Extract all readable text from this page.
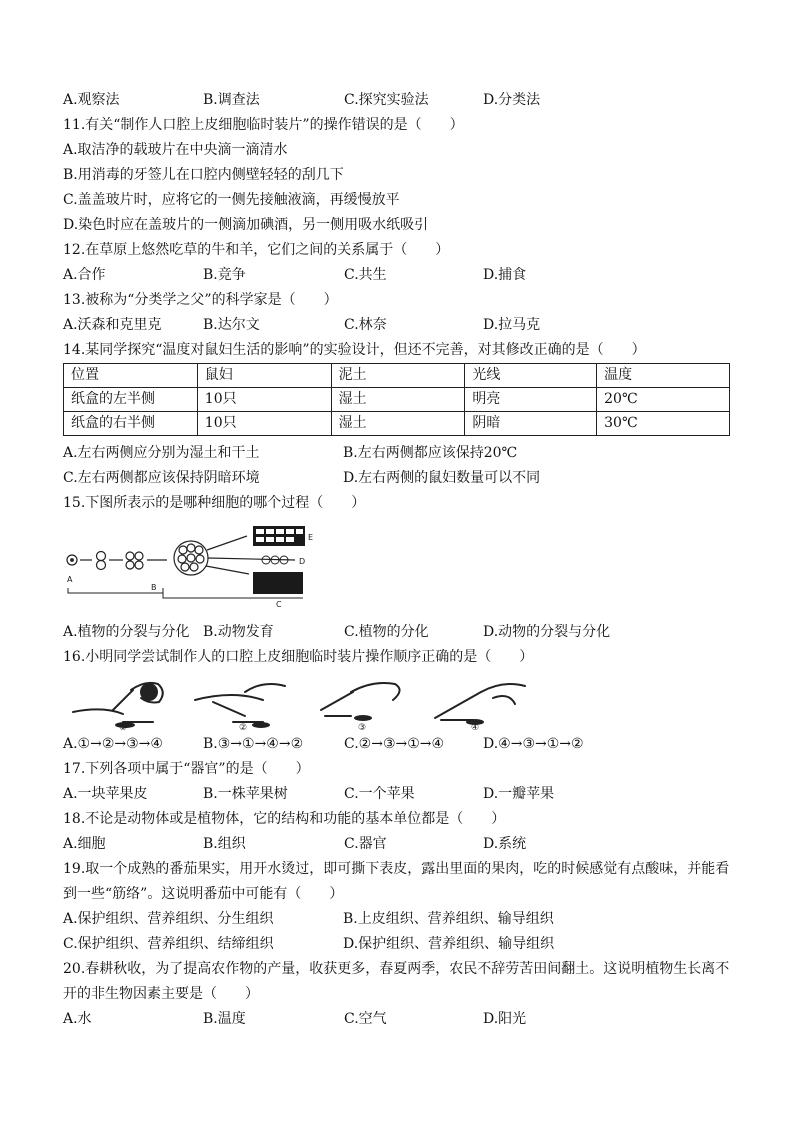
A.观察法	B.调查法	C.探究实验法	D.分类法
11.有关“制作人口腔上皮细胞临时装片”的操作错误的是（　　）
A.取洁净的载玻片在中央滴一滴清水
B.用消毒的牙签儿在口腔内侧壁轻轻的刮几下
C.盖盖玻片时，应将它的一侧先接触液滴，再缓慢放平
D.染色时应在盖玻片的一侧滴加碘酒，另一侧用吸水纸吸引
12.在草原上悠然吃草的牛和羊，它们之间的关系属于（　　）
A.合作	B.竞争	C.共生	D.捕食
13.被称为“分类学之父”的科学家是（　　）
A.沃森和克里克	B.达尔文	C.林奈	D.拉马克
14.某同学探究“温度对鼠妇生活的影响”的实验设计，但还不完善，对其修改正确的是（　　）
位置	鼠妇	泥土	光线	温度
纸盒的左半侧	10只	湿土	明亮	20℃
纸盒的右半侧	10只	湿土	阴暗	30℃
A.左右两侧应分别为湿土和干土	B.左右两侧都应该保持20℃
C.左右两侧都应该保持阴暗环境	D.左右两侧的鼠妇数量可以不同
15.下图所表示的是哪种细胞的哪个过程（　　）
A
B
C
D
E
A.植物的分裂与分化 B.动物发育	C.植物的分化	D.动物的分裂与分化
16.小明同学尝试制作人的口腔上皮细胞临时装片操作顺序正确的是（　　）
①	②	③	④
A.①→②→③→④	B.③→①→④→②	C.②→③→①→④	D.④→③→①→②
17.下列各项中属于“器官”的是（　　）
A.一块苹果皮	B.一株苹果树	C.一个苹果	D.一瓣苹果
18.不论是动物体或是植物体，它的结构和功能的基本单位都是（　　）
A.细胞	B.组织	C.器官	D.系统
19.取一个成熟的番茄果实，用开水烫过，即可撕下表皮，露出里面的果肉，吃的时候感觉有点酸味，并能看
到一些“筋络”。这说明番茄中可能有（　　）
A.保护组织、营养组织、分生组织	B.上皮组织、营养组织、输导组织
C.保护组织、营养组织、结缔组织	D.保护组织、营养组织、输导组织
20.春耕秋收，为了提高农作物的产量，收获更多，春夏两季，农民不辞劳苦田间翻土。这说明植物生长离不
开的非生物因素主要是（　　）
A.水	B.温度	C.空气	D.阳光
